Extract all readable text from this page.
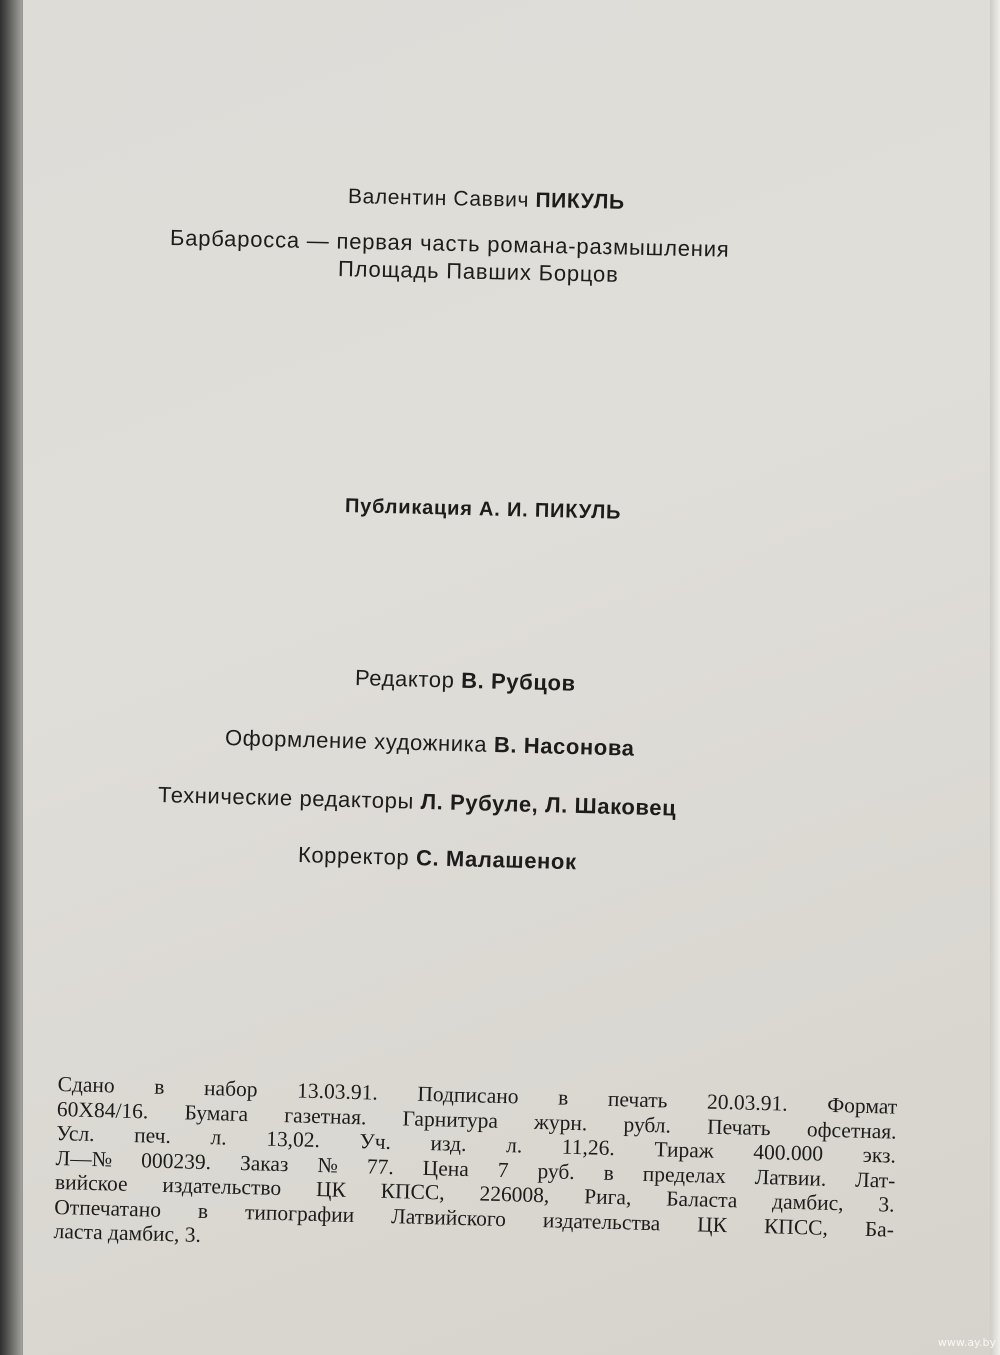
Валентин Саввич ПИКУЛЬ
Барбаросса — первая часть романа-размышления
Площадь Павших Борцов
Публикация А. И. ПИКУЛЬ
Редактор В. Рубцов
Оформление художника В. Насонова
Технические редакторы Л. Рубуле, Л. Шаковец
Корректор С. Малашенок
Сдано в набор 13.03.91. Подписано в печать 20.03.91. Формат
60Х84/16. Бумага газетная. Гарнитура журн. рубл. Печать офсетная.
Усл. печ. л. 13,02. Уч. изд. л. 11,26. Тираж 400.000 экз.
Л—№ 000239. Заказ № 77. Цена 7 руб. в пределах Латвии. Лат-
вийское издательство ЦК КПСС, 226008, Рига, Баласта дамбис, 3.
Отпечатано в типографии Латвийского издательства ЦК КПСС, Ба-
ласта дамбис, 3.
www.ay.by
